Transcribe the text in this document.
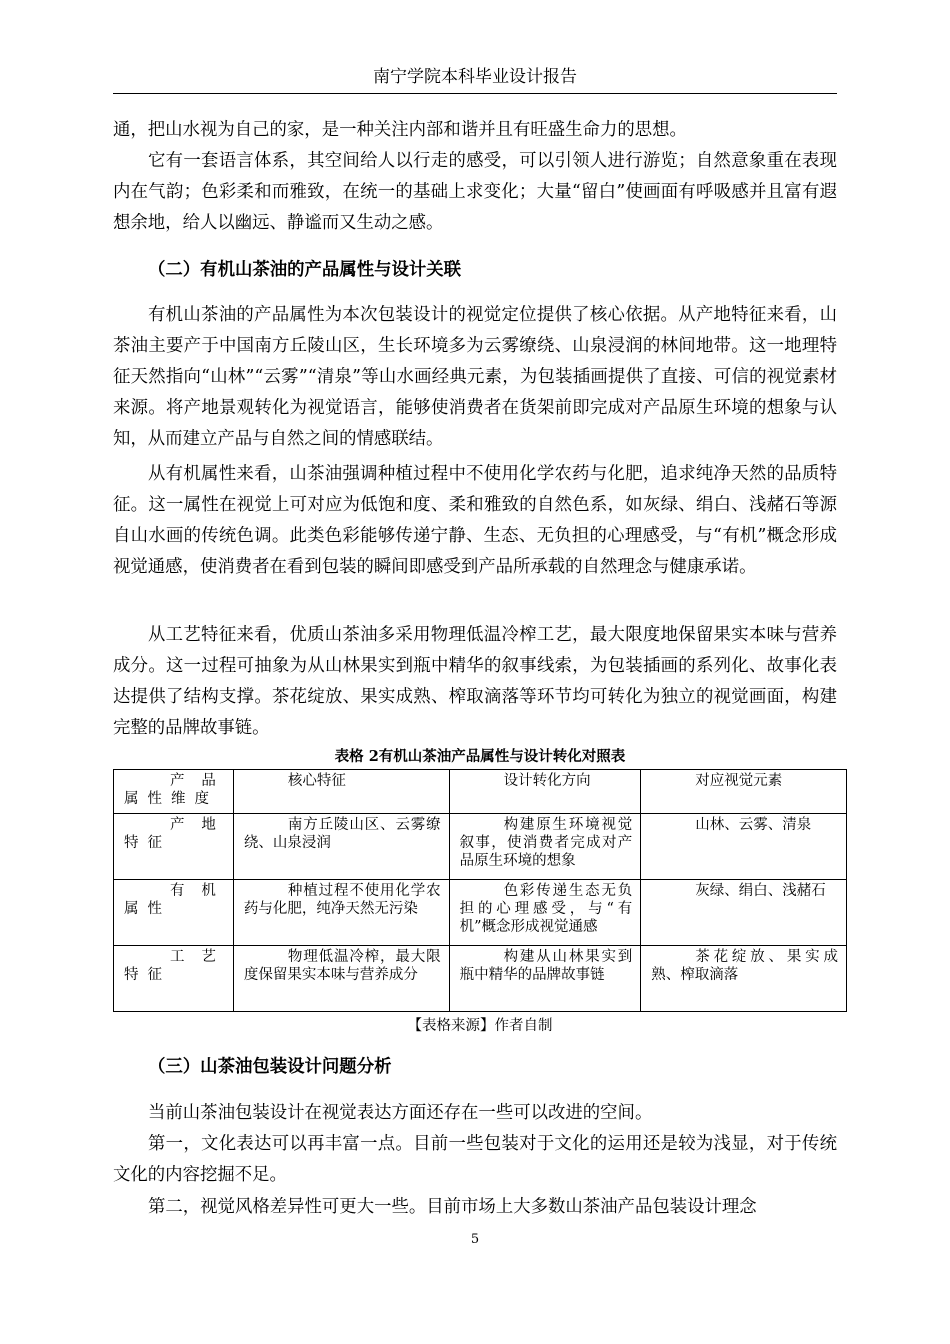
南宁学院本科毕业设计报告

通，把山水视为自己的家，是一种关注内部和谐并且有旺盛生命力的思想。

它有一套语言体系，其空间给人以行走的感受，可以引领人进行游览；自然意象重在表现内在气韵；色彩柔和而雅致，在统一的基础上求变化；大量“留白”使画面有呼吸感并且富有遐想余地，给人以幽远、静谧而又生动之感。

（二）有机山茶油的产品属性与设计关联

有机山茶油的产品属性为本次包装设计的视觉定位提供了核心依据。从产地特征来看，山茶油主要产于中国南方丘陵山区，生长环境多为云雾缭绕、山泉浸润的林间地带。这一地理特征天然指向“山林”“云雾”“清泉”等山水画经典元素，为包装插画提供了直接、可信的视觉素材来源。将产地景观转化为视觉语言，能够使消费者在货架前即完成对产品原生环境的想象与认知，从而建立产品与自然之间的情感联结。

从有机属性来看，山茶油强调种植过程中不使用化学农药与化肥，追求纯净天然的品质特征。这一属性在视觉上可对应为低饱和度、柔和雅致的自然色系，如灰绿、绢白、浅赭石等源自山水画的传统色调。此类色彩能够传递宁静、生态、无负担的心理感受，与“有机”概念形成视觉通感，使消费者在看到包装的瞬间即感受到产品所承载的自然理念与健康承诺。

从工艺特征来看，优质山茶油多采用物理低温冷榨工艺，最大限度地保留果实本味与营养成分。这一过程可抽象为从山林果实到瓶中精华的叙事线索，为包装插画的系列化、故事化表达提供了结构支撑。茶花绽放、果实成熟、榨取滴落等环节均可转化为独立的视觉画面，构建完整的品牌故事链。

表格 2有机山茶油产品属性与设计转化对照表
产品属性维度	核心特征	设计转化方向	对应视觉元素

产地特征	南方丘陵山区、云雾缭绕、山泉浸润	构建原生环境视觉叙事，使消费者完成对产品原生环境的想象	山林、云雾、清泉

有机属性	种植过程不使用化学农药与化肥，纯净天然无污染	色彩传递生态无负担的心理感受，与“有机”概念形成视觉通感	灰绿、绢白、浅赭石

工艺特征	物理低温冷榨，最大限度保留果实本味与营养成分	构建从山林果实到瓶中精华的品牌故事链	茶花绽放、果实成熟、榨取滴落
【表格来源】作者自制

（三）山茶油包装设计问题分析

当前山茶油包装设计在视觉表达方面还存在一些可以改进的空间。

第一，文化表达可以再丰富一点。目前一些包装对于文化的运用还是较为浅显，对于传统文化的内容挖掘不足。

第二，视觉风格差异性可更大一些。目前市场上大多数山茶油产品包装设计理念

5
